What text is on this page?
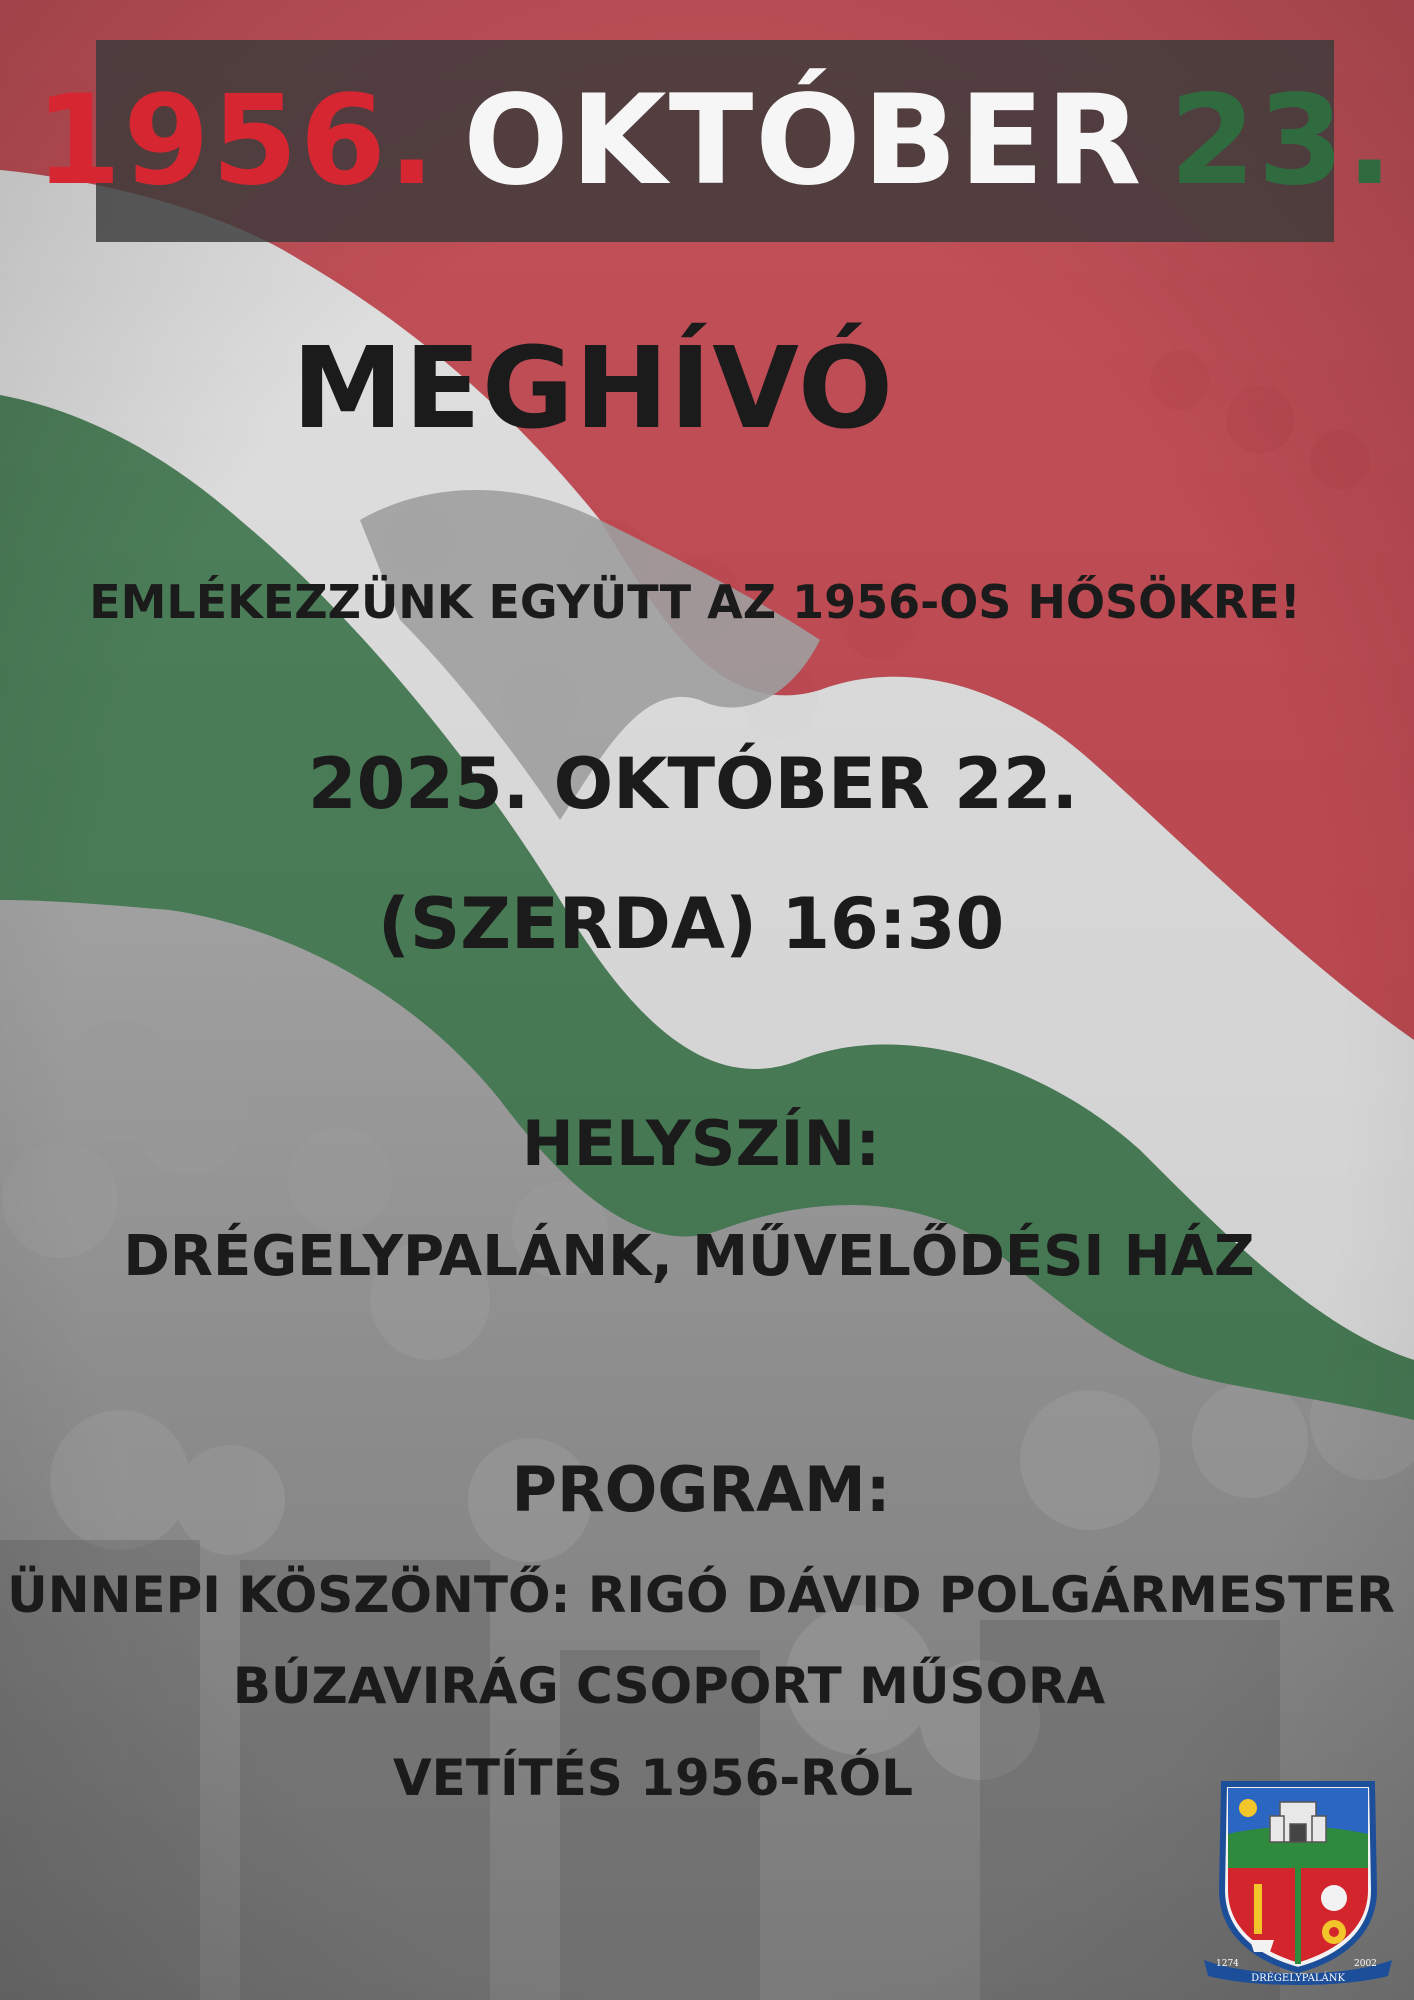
1956. OKTÓBER 23.
MEGHÍVÓ
EMLÉKEZZÜNK EGYÜTT AZ 1956-OS HŐSÖKRE!
2025. OKTÓBER 22.
(SZERDA) 16:30
HELYSZÍN:
DRÉGELYPALÁNK, MŰVELŐDÉSI HÁZ
PROGRAM:
ÜNNEPI KÖSZÖNTŐ: RIGÓ DÁVID POLGÁRMESTER
BÚZAVIRÁG CSOPORT MŰSORA
VETÍTÉS 1956-RÓL
1274	2002
DRÉGELYPALÁNK
